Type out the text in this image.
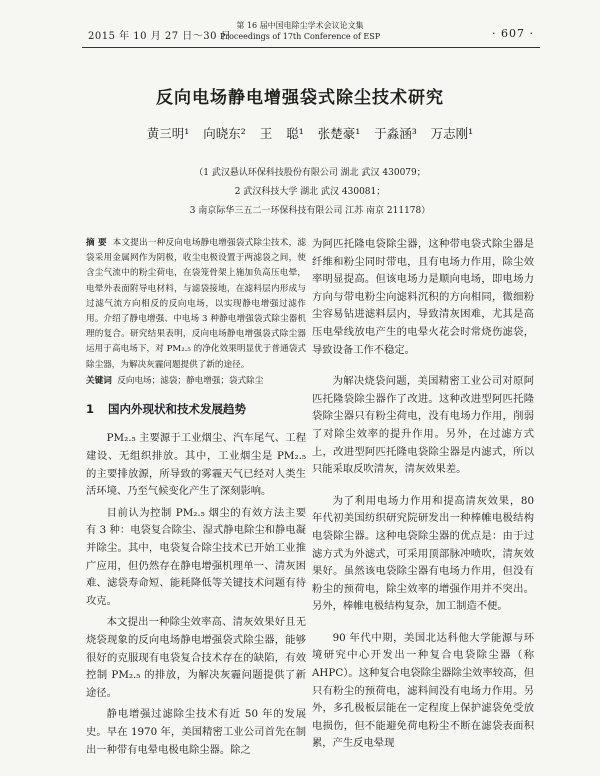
2015 年 10 月 27 日～30 日
第 16 届中国电除尘学术会议论文集
Proceedings of 17th Conference of ESP	· 607 ·
反向电场静电增强袋式除尘技术研究
黄三明¹ 向晓东² 王 聪¹ 张楚豪¹ 于淼涵³ 万志刚¹
（1 武汉悬认环保科技股份有限公司 湖北 武汉 430079；
2 武汉科技大学 湖北 武汉 430081；
3 南京际华三五二一环保科技有限公司 江苏 南京 211178）

摘 要 本文提出一种反向电场静电增强袋式除尘技术，滤袋采用金属网作为阴极，收尘电极设置于两滤袋之间，使含尘气流中的粉尘荷电，在袋笼骨架上施加负高压电晕，电晕外表面附导电材料，与滤袋接地，在滤料层内形成与过滤气流方向相反的反向电场，以实现静电增强过滤作用。介绍了静电增强、中电场 3 种静电增强袋式除尘器机理的复合。研究结果表明，反向电场静电增强袋式除尘器运用于高电场下，对 PM₂.₅ 的净化效果明显优于普通袋式除尘器，为解决灰霾问题提供了新的途径。

关键词 反向电场；滤袋；静电增强；袋式除尘

1 国内外现状和技术发展趋势

PM₂.₅ 主要源于工业烟尘、汽车尾气、工程建设、无组织排放。其中，工业烟尘是 PM₂.₅ 的主要排放源，所导致的雾霾天气已经对人类生活环境、乃至气候变化产生了深刻影响。

目前认为控制 PM₂.₅ 烟尘的有效方法主要有 3 种：电袋复合除尘、湿式静电除尘和静电凝并除尘。其中，电袋复合除尘技术已开始工业推广应用，但仍然存在静电增强机理单一、清灰困难、滤袋寿命短、能耗降低等关键技术问题有待攻克。

本文提出一种除尘效率高、清灰效果好且无烧袋现象的反向电场静电增强袋式除尘器，能够很好的克服现有电袋复合技术存在的缺陷，有效控制 PM₂.₅ 的排放，为解决灰霾问题提供了新途径。

静电增强过滤除尘技术有近 50 年的发展史。早在 1970 年，美国精密工业公司首先在制出一种带有电晕电极电除尘器。除之

为阿匹托隆电袋除尘器，这种带电袋式除尘器是纤维和粉尘同时带电，且有电场力作用，除尘效率明显提高。但该电场力是顺向电场，即电场力方向与带电粉尘向滤料沉积的方向相同，微细粉尘容易钻进滤料层内，导致清灰困难，尤其是高压电晕线放电产生的电晕火花会时常烧伤滤袋，导致设备工作不稳定。

为解决烧袋问题，美国精密工业公司对原阿匹托隆袋除尘器作了改进。这种改进型阿匹托隆袋除尘器只有粉尘荷电，没有电场力作用，削弱了对除尘效率的提升作用。另外，在过滤方式上，改进型阿匹托隆电袋除尘器是内滤式，所以只能采取反吹清灰，清灰效果差。

为了利用电场力作用和提高清灰效果，80 年代初美国纺织研究院研发出一种棒帷电极结构电袋除尘器。这种电袋除尘器的优点是：由于过滤方式为外滤式，可采用顶部脉冲喷吹，清灰效果好。虽然该电袋除尘器有电场力作用，但没有粉尘的预荷电，除尘效率的增强作用并不突出。另外，棒帷电极结构复杂，加工制造不便。

90 年代中期，美国北达科他大学能源与环境研究中心开发出一种复合电袋除尘器（称 AHPC）。这种复合电袋除尘器除尘效率较高，但只有粉尘的预荷电，滤料间没有电场力作用。另外，多孔极板层能在一定程度上保护滤袋免受放电损伤，但不能避免荷电粉尘不断在滤袋表面积累，产生反电晕现
